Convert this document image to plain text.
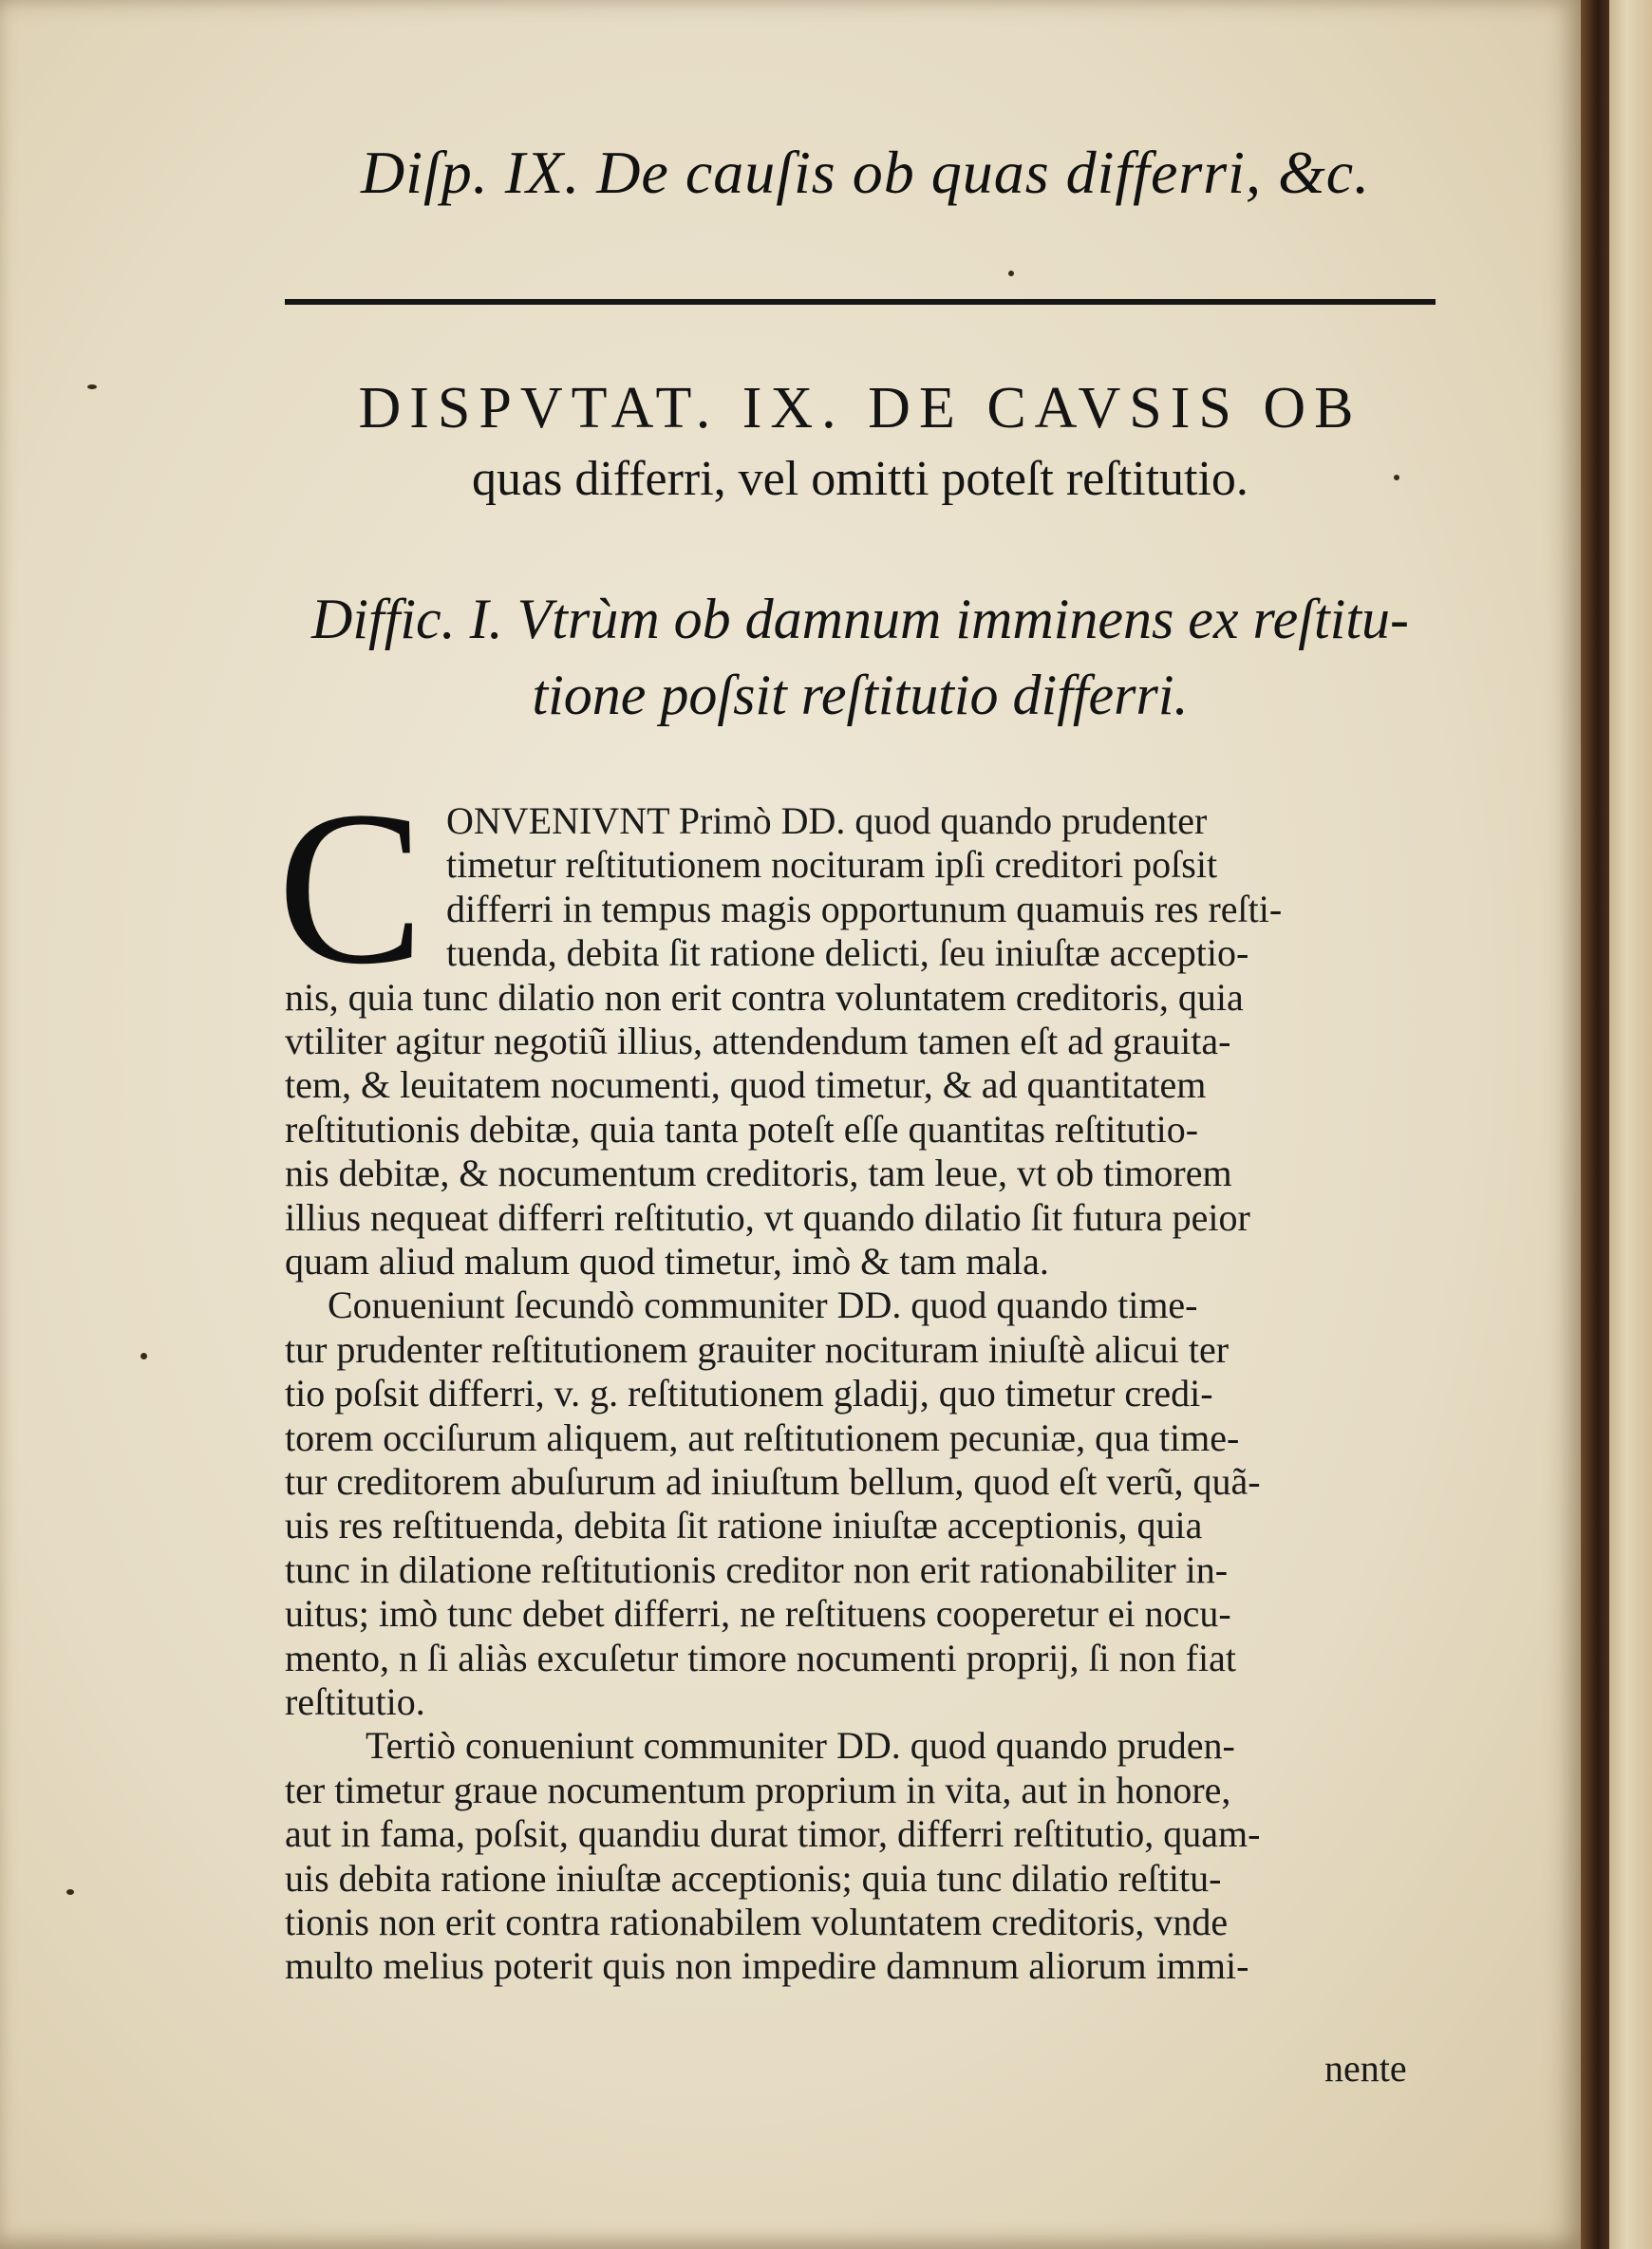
Diſp. IX. De cauſis ob quas differri, &c.
DISPVTAT. IX. DE CAVSIS OB
quas differri, vel omitti poteſt reſtitutio.
Diffic. I. Vtrùm ob damnum imminens ex reſtitu-
tione poſsit reſtitutio differri.
C ONVENIVNT Primò DD. quod quando prudenter
timetur reſtitutionem nocituram ipſi creditori poſsit
differri in tempus magis opportunum quamuis res reſti-
tuenda, debita ſit ratione delicti, ſeu iniuſtæ acceptio-
nis, quia tunc dilatio non erit contra voluntatem creditoris, quia
vtiliter agitur negotiũ illius, attendendum tamen eſt ad grauita-
tem, & leuitatem nocumenti, quod timetur, & ad quantitatem
reſtitutionis debitæ, quia tanta poteſt eſſe quantitas reſtitutio-
nis debitæ, & nocumentum creditoris, tam leue, vt ob timorem
illius nequeat differri reſtitutio, vt quando dilatio ſit futura peior
quam aliud malum quod timetur, imò & tam mala.
Conueniunt ſecundò communiter DD. quod quando time-
tur prudenter reſtitutionem grauiter nocituram iniuſtè alicui ter
tio poſsit differri, v. g. reſtitutionem gladij, quo timetur credi-
torem occiſurum aliquem, aut reſtitutionem pecuniæ, qua time-
tur creditorem abuſurum ad iniuſtum bellum, quod eſt verũ, quã-
uis res reſtituenda, debita ſit ratione iniuſtæ acceptionis, quia
tunc in dilatione reſtitutionis creditor non erit rationabiliter in-
uitus; imò tunc debet differri, ne reſtituens cooperetur ei nocu-
mento, n ſi aliàs excuſetur timore nocumenti proprij, ſi non fiat
reſtitutio.
Tertiò conueniunt communiter DD. quod quando pruden-
ter timetur graue nocumentum proprium in vita, aut in honore,
aut in fama, poſsit, quandiu durat timor, differri reſtitutio, quam-
uis debita ratione iniuſtæ acceptionis; quia tunc dilatio reſtitu-
tionis non erit contra rationabilem voluntatem creditoris, vnde
multo melius poterit quis non impedire damnum aliorum immi-
nente
